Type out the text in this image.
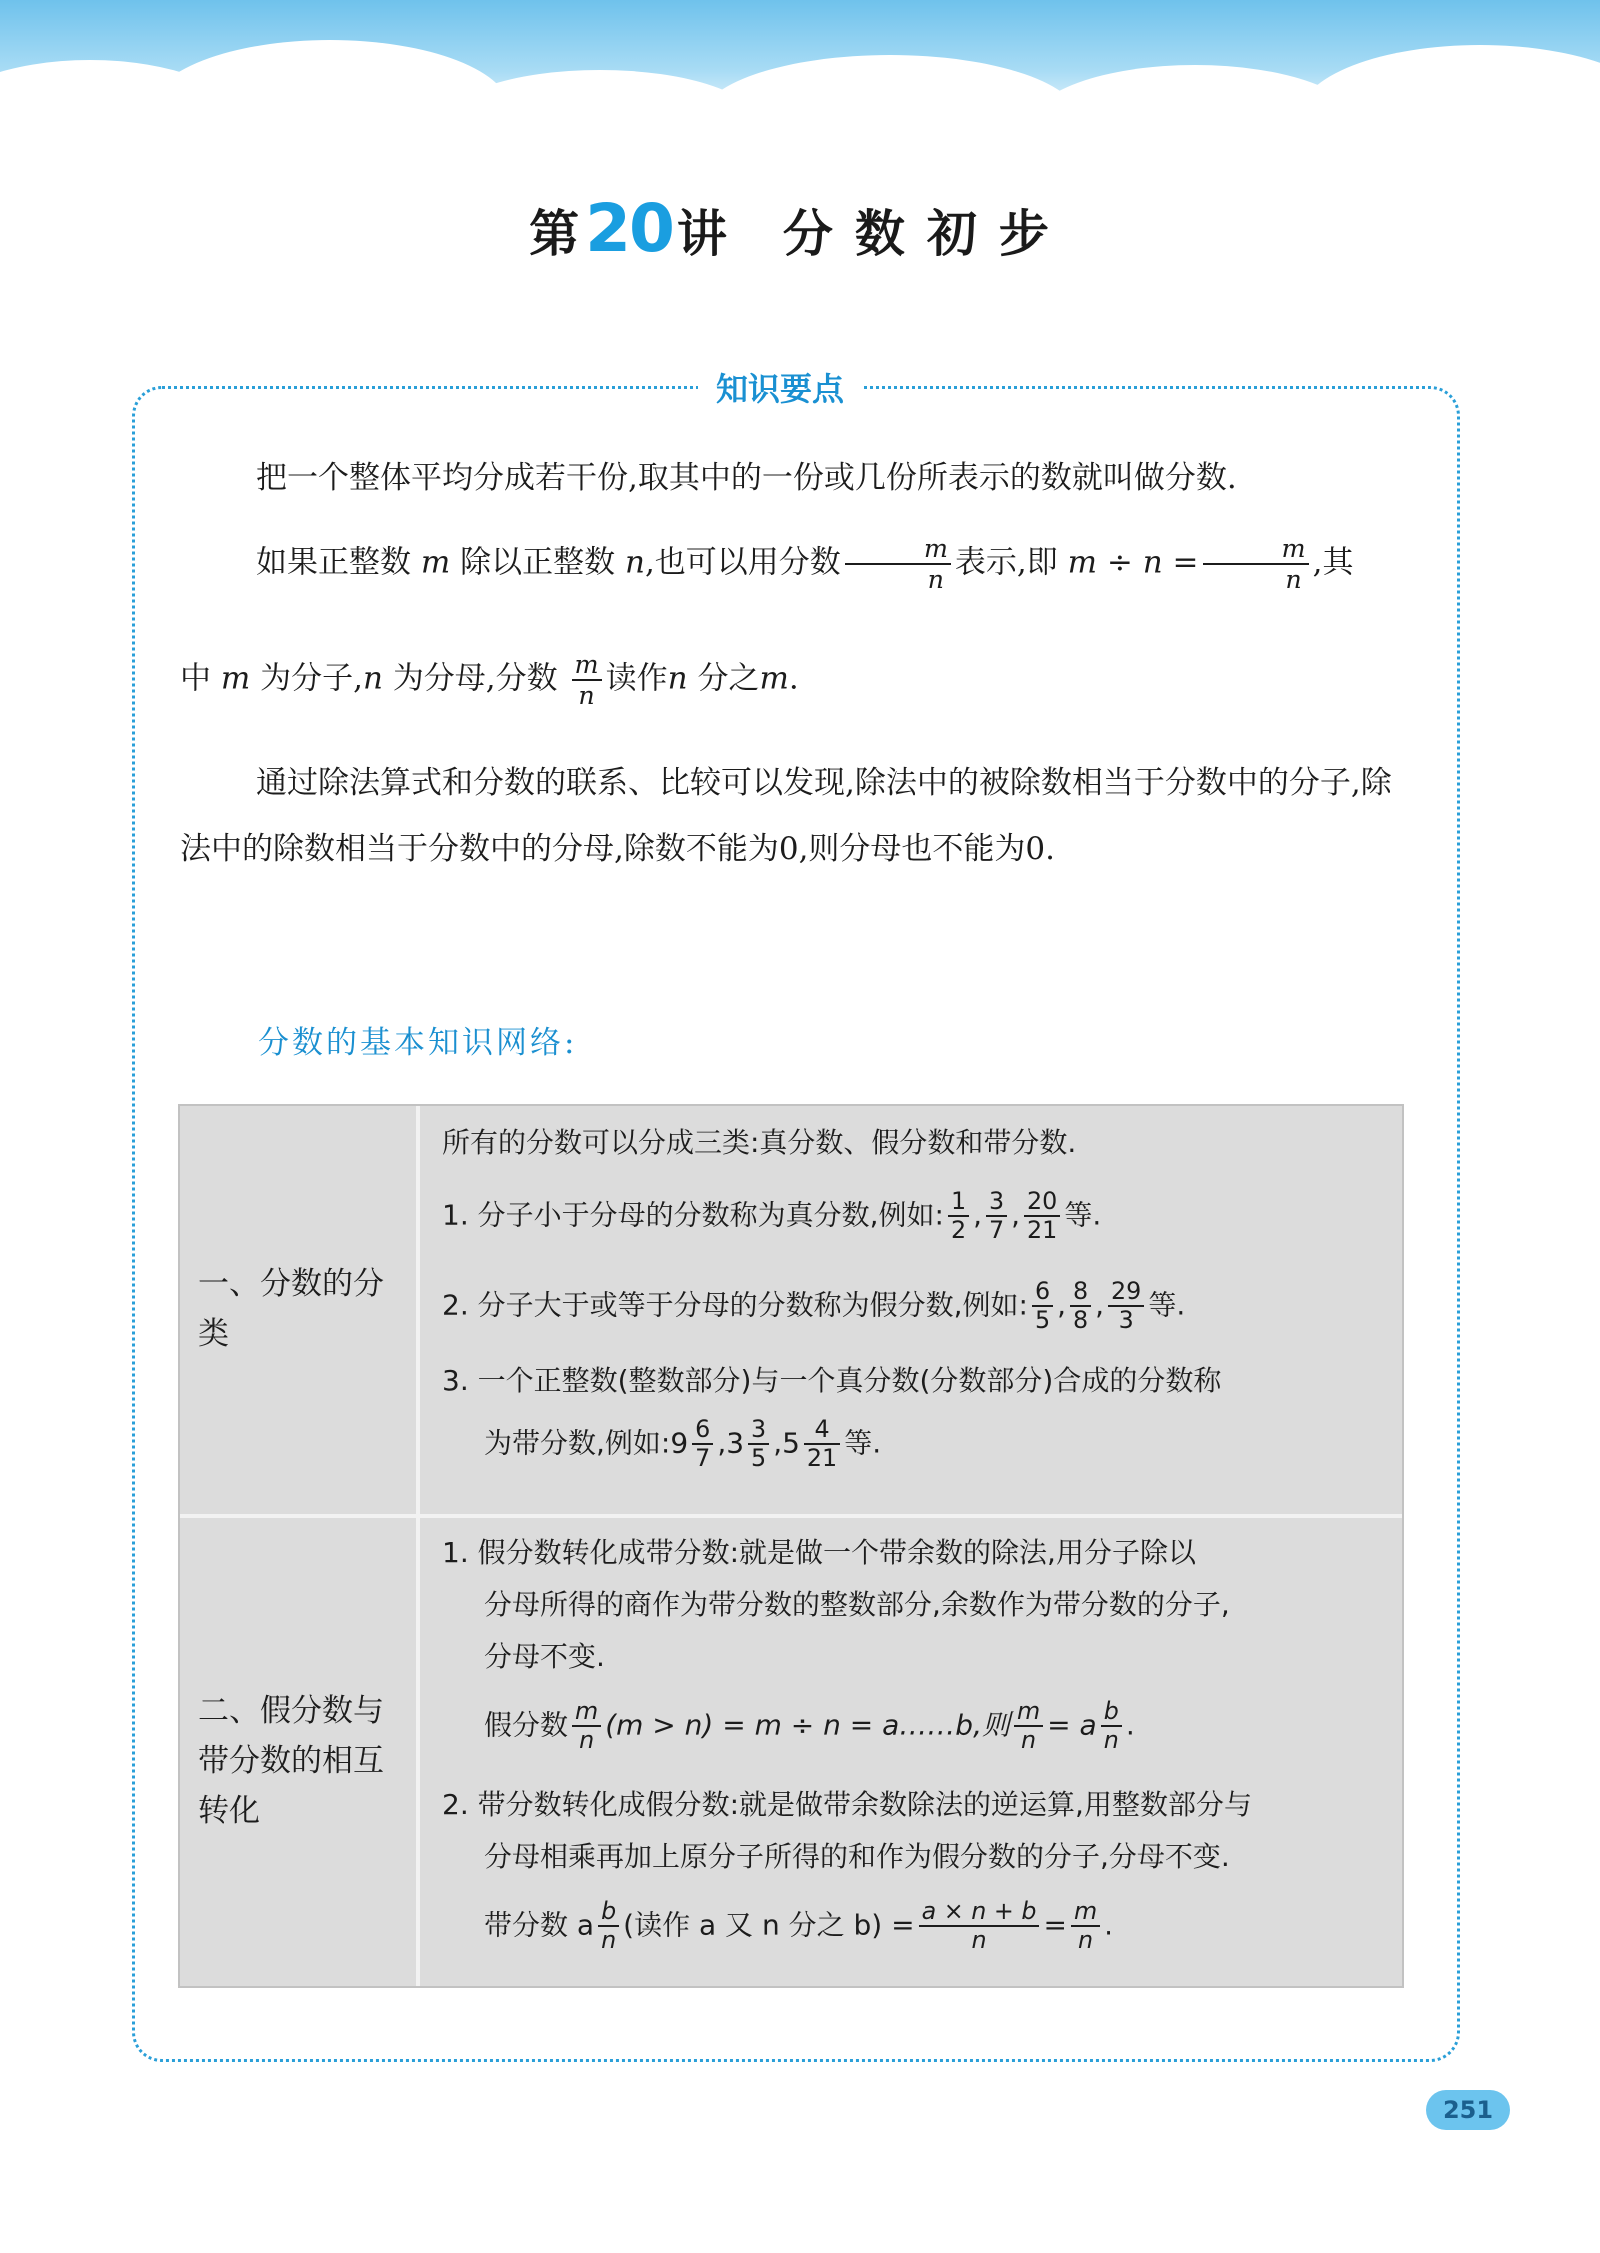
第20讲 分数初步
知识要点
把一个整体平均分成若干份,取其中的一份或几份所表示的数就叫做分数.
如果正整数 m 除以正整数 n,也可以用分数 $\frac{m}{n}$ 表示,即 $m \div n = \frac{m}{n}$ ,其
中 m 为分子,n 为分母,分数 $\frac{m}{n}$ 读作n 分之m.
通过除法算式和分数的联系、比较可以发现,除法中的被除数相当于分数中的分子,除法中的除数相当于分数中的分母,除数不能为0,则分母也不能为0.
分数的基本知识网络:
一、分数的分类
所有的分数可以分成三类:真分数、假分数和带分数.
1. 分子小于分母的分数称为真分数,例如: $\frac{1}{2}$ , $\frac{3}{7}$ , $\frac{20}{21}$ 等.
2. 分子大于或等于分母的分数称为假分数,例如: $\frac{6}{5}$ , $\frac{8}{8}$ , $\frac{29}{3}$ 等.
3. 一个正整数(整数部分)与一个真分数(分数部分)合成的分数称
为带分数,例如:9 $\frac{6}{7} ,3 \frac{3}{5} ,5 \frac{4}{21}$ 等.
二、假分数与带分数的相互转化
1. 假分数转化成带分数:就是做一个带余数的除法,用分子除以
分母所得的商作为带分数的整数部分,余数作为带分数的分子,
分母不变.
假分数 $\frac{m}{n} (m > n) = m \div n$ = a……b,则 $\frac{m}{n} = a \frac{b}{n}$ .
2. 带分数转化成假分数:就是做带余数除法的逆运算,用整数部分与
分母相乘再加上原分子所得的和作为假分数的分子,分母不变.
带分数 a $\frac{b}{n}$ (读作 a 又 n 分之 $b) = \frac{a \times n + b}{n} = \frac{m}{n}$ .
251
